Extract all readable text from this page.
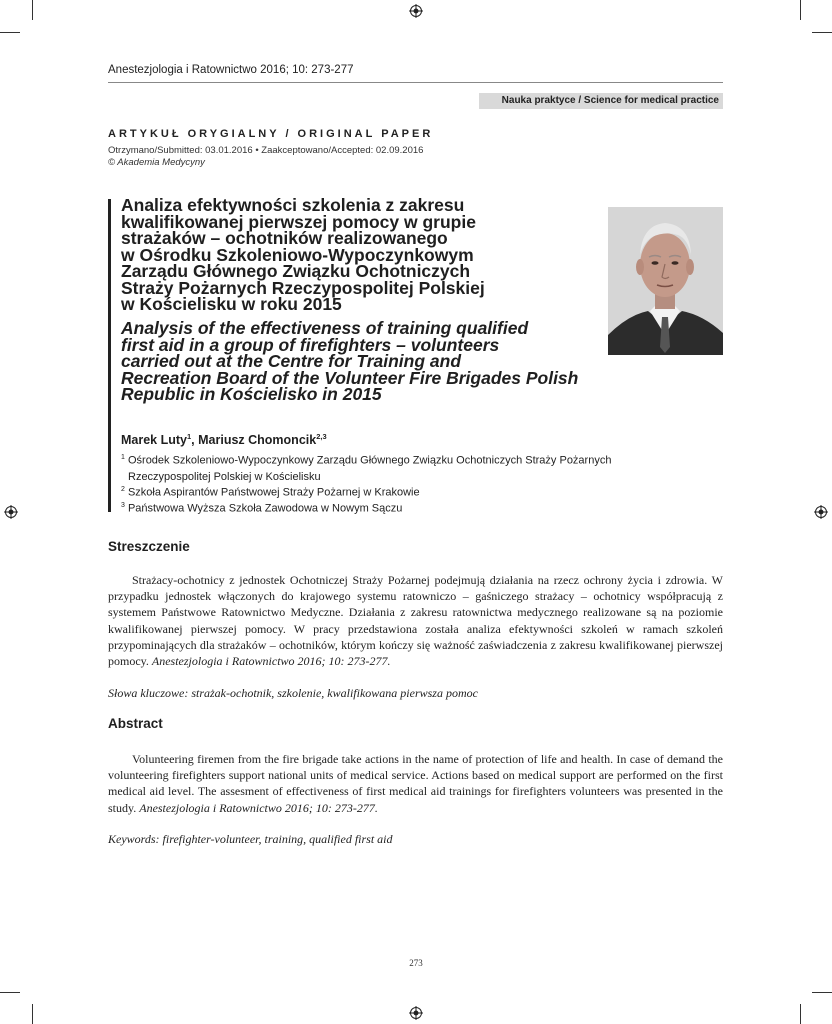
Anestezjologia i Ratownictwo 2016; 10: 273-277
Nauka praktyce / Science for medical practice
ARTYKUŁ ORYGIALNY / ORIGINAL PAPER
Otrzymano/Submitted: 03.01.2016 • Zaakceptowano/Accepted: 02.09.2016
© Akademia Medycyny
Analiza efektywności szkolenia z zakresu
kwalifikowanej pierwszej pomocy w grupie
strażaków – ochotników realizowanego
w Ośrodku Szkoleniowo-Wypoczynkowym
Zarządu Głównego Związku Ochotniczych
Straży Pożarnych Rzeczypospolitej Polskiej
w Kościelisku w roku 2015
Analysis of the effectiveness of training qualified
first aid in a group of firefighters – volunteers
carried out at the Centre for Training and
Recreation Board of the Volunteer Fire Brigades Polish
Republic in Kościelisko in 2015
Marek Luty$^1$, Mariusz Chomoncik$^{2,3}$
$^1$ Ośrodek Szkoleniowo-Wypoczynkowy Zarządu Głównego Związku Ochotniczych Straży Pożarnych
Rzeczypospolitej Polskiej w Kościelisku
$^2$ Szkoła Aspirantów Państwowej Straży Pożarnej w Krakowie
$^3$ Państwowa Wyższa Szkoła Zawodowa w Nowym Sączu
Streszczenie

Strażacy-ochotnicy z jednostek Ochotniczej Straży Pożarnej podejmują działania na rzecz ochrony życia i zdrowia. W przypadku jednostek włączonych do krajowego systemu ratowniczo – gaśniczego strażacy – ochotnicy współpracują z systemem Państwowe Ratownictwo Medyczne. Działania z zakresu ratownictwa medycznego realizowane są na poziomie kwalifikowanej pierwszej pomocy. W pracy przedstawiona została analiza efektywności szkoleń w ramach szkoleń przypominających dla strażaków – ochotników, którym kończy się ważność zaświadczenia z zakresu kwalifikowanej pierwszej pomocy. Anestezjologia i Ratownictwo 2016; 10: 273-277.

Słowa kluczowe: strażak-ochotnik, szkolenie, kwalifikowana pierwsza pomoc
Abstract

Volunteering firemen from the fire brigade take actions in the name of protection of life and health. In case of demand the volunteering firefighters support national units of medical service. Actions based on medical support are performed on the first medical aid level. The assesment of effectiveness of first medical aid trainings for firefighters volunteers was presented in the study. Anestezjologia i Ratownictwo 2016; 10: 273-277.

Keywords: firefighter-volunteer, training, qualified first aid
273
